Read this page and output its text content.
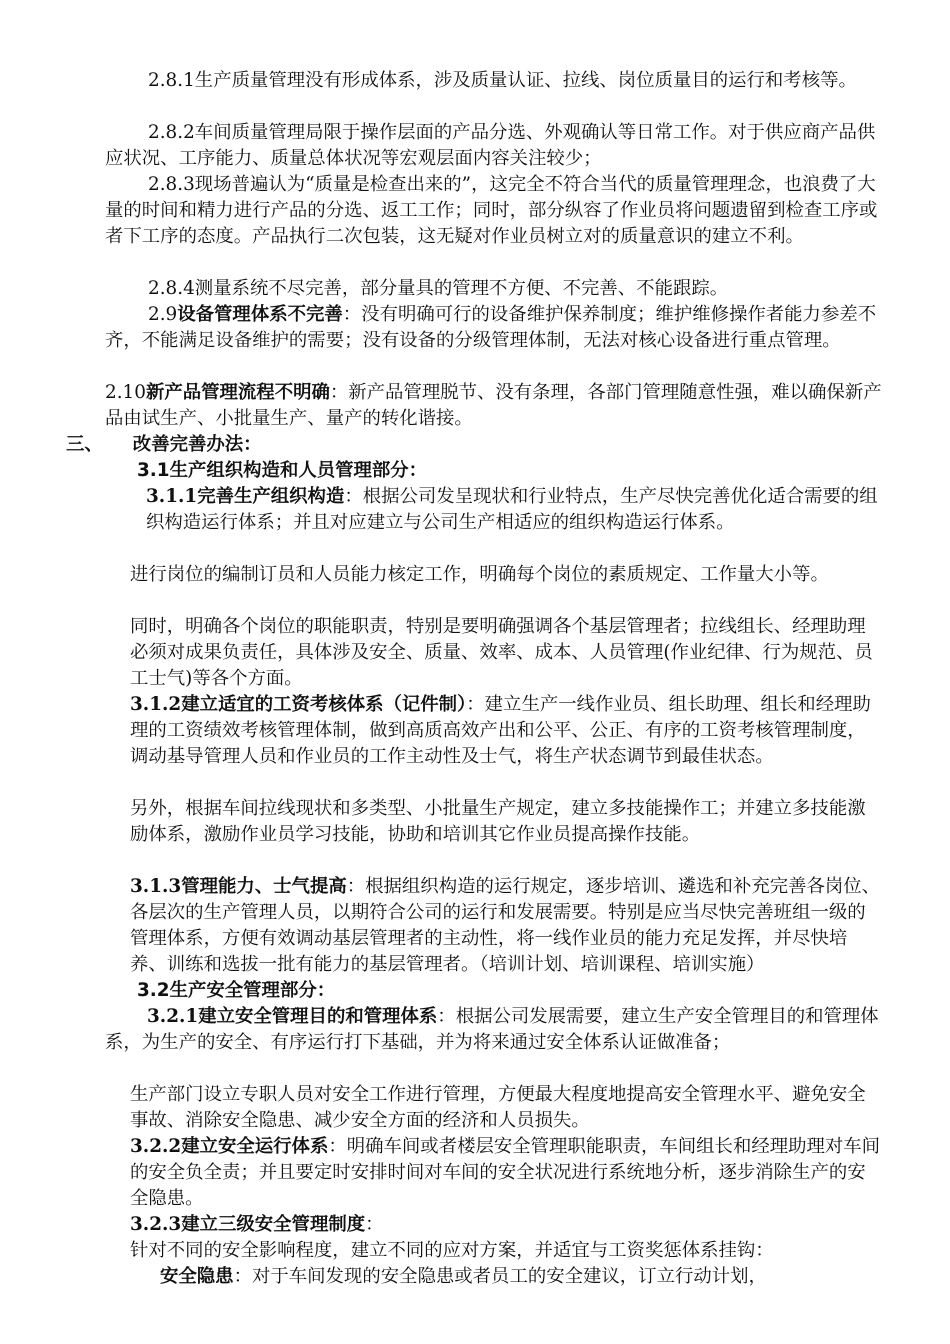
2.8.1生产质量管理没有形成体系，涉及质量认证、拉线、岗位质量目的运行和考核等。

2.8.2车间质量管理局限于操作层面的产品分选、外观确认等日常工作。对于供应商产品供应状况、工序能力、质量总体状况等宏观层面内容关注较少；

2.8.3现场普遍认为“质量是检查出来的”，这完全不符合当代的质量管理理念，也浪费了大量的时间和精力进行产品的分选、返工工作；同时，部分纵容了作业员将问题遗留到检查工序或者下工序的态度。产品执行二次包装，这无疑对作业员树立对的质量意识的建立不利。

2.8.4测量系统不尽完善，部分量具的管理不方便、不完善、不能跟踪。

2.9设备管理体系不完善：没有明确可行的设备维护保养制度；维护维修操作者能力参差不齐，不能满足设备维护的需要；没有设备的分级管理体制，无法对核心设备进行重点管理。

2.10新产品管理流程不明确：新产品管理脱节、没有条理，各部门管理随意性强，难以确保新产品由试生产、小批量生产、量产的转化谐接。

三、 改善完善办法：

3.1生产组织构造和人员管理部分：

3.1.1完善生产组织构造：根据公司发呈现状和行业特点，生产尽快完善优化适合需要的组织构造运行体系；并且对应建立与公司生产相适应的组织构造运行体系。

进行岗位的编制订员和人员能力核定工作，明确每个岗位的素质规定、工作量大小等。

同时，明确各个岗位的职能职责，特别是要明确强调各个基层管理者；拉线组长、经理助理必须对成果负责任，具体涉及安全、质量、效率、成本、人员管理(作业纪律、行为规范、员工士气)等各个方面。

3.1.2建立适宜的工资考核体系（记件制）：建立生产一线作业员、组长助理、组长和经理助理的工资绩效考核管理体制，做到高质高效产出和公平、公正、有序的工资考核管理制度，调动基导管理人员和作业员的工作主动性及士气，将生产状态调节到最佳状态。

另外，根据车间拉线现状和多类型、小批量生产规定，建立多技能操作工；并建立多技能激励体系，激励作业员学习技能，协助和培训其它作业员提高操作技能。

3.1.3管理能力、士气提高：根据组织构造的运行规定，逐步培训、遴选和补充完善各岗位、各层次的生产管理人员，以期符合公司的运行和发展需要。特别是应当尽快完善班组一级的管理体系，方便有效调动基层管理者的主动性，将一线作业员的能力充足发挥，并尽快培养、训练和选拔一批有能力的基层管理者。（培训计划、培训课程、培训实施）

3.2生产安全管理部分：

3.2.1建立安全管理目的和管理体系：根据公司发展需要，建立生产安全管理目的和管理体系，为生产的安全、有序运行打下基础，并为将来通过安全体系认证做准备；

生产部门设立专职人员对安全工作进行管理，方便最大程度地提高安全管理水平、避免安全事故、消除安全隐患、减少安全方面的经济和人员损失。

3.2.2建立安全运行体系：明确车间或者楼层安全管理职能职责，车间组长和经理助理对车间的安全负全责；并且要定时安排时间对车间的安全状况进行系统地分析，逐步消除生产的安全隐患。

3.2.3建立三级安全管理制度：

针对不同的安全影响程度，建立不同的应对方案，并适宜与工资奖惩体系挂钩：

安全隐患：对于车间发现的安全隐患或者员工的安全建议，订立行动计划，
